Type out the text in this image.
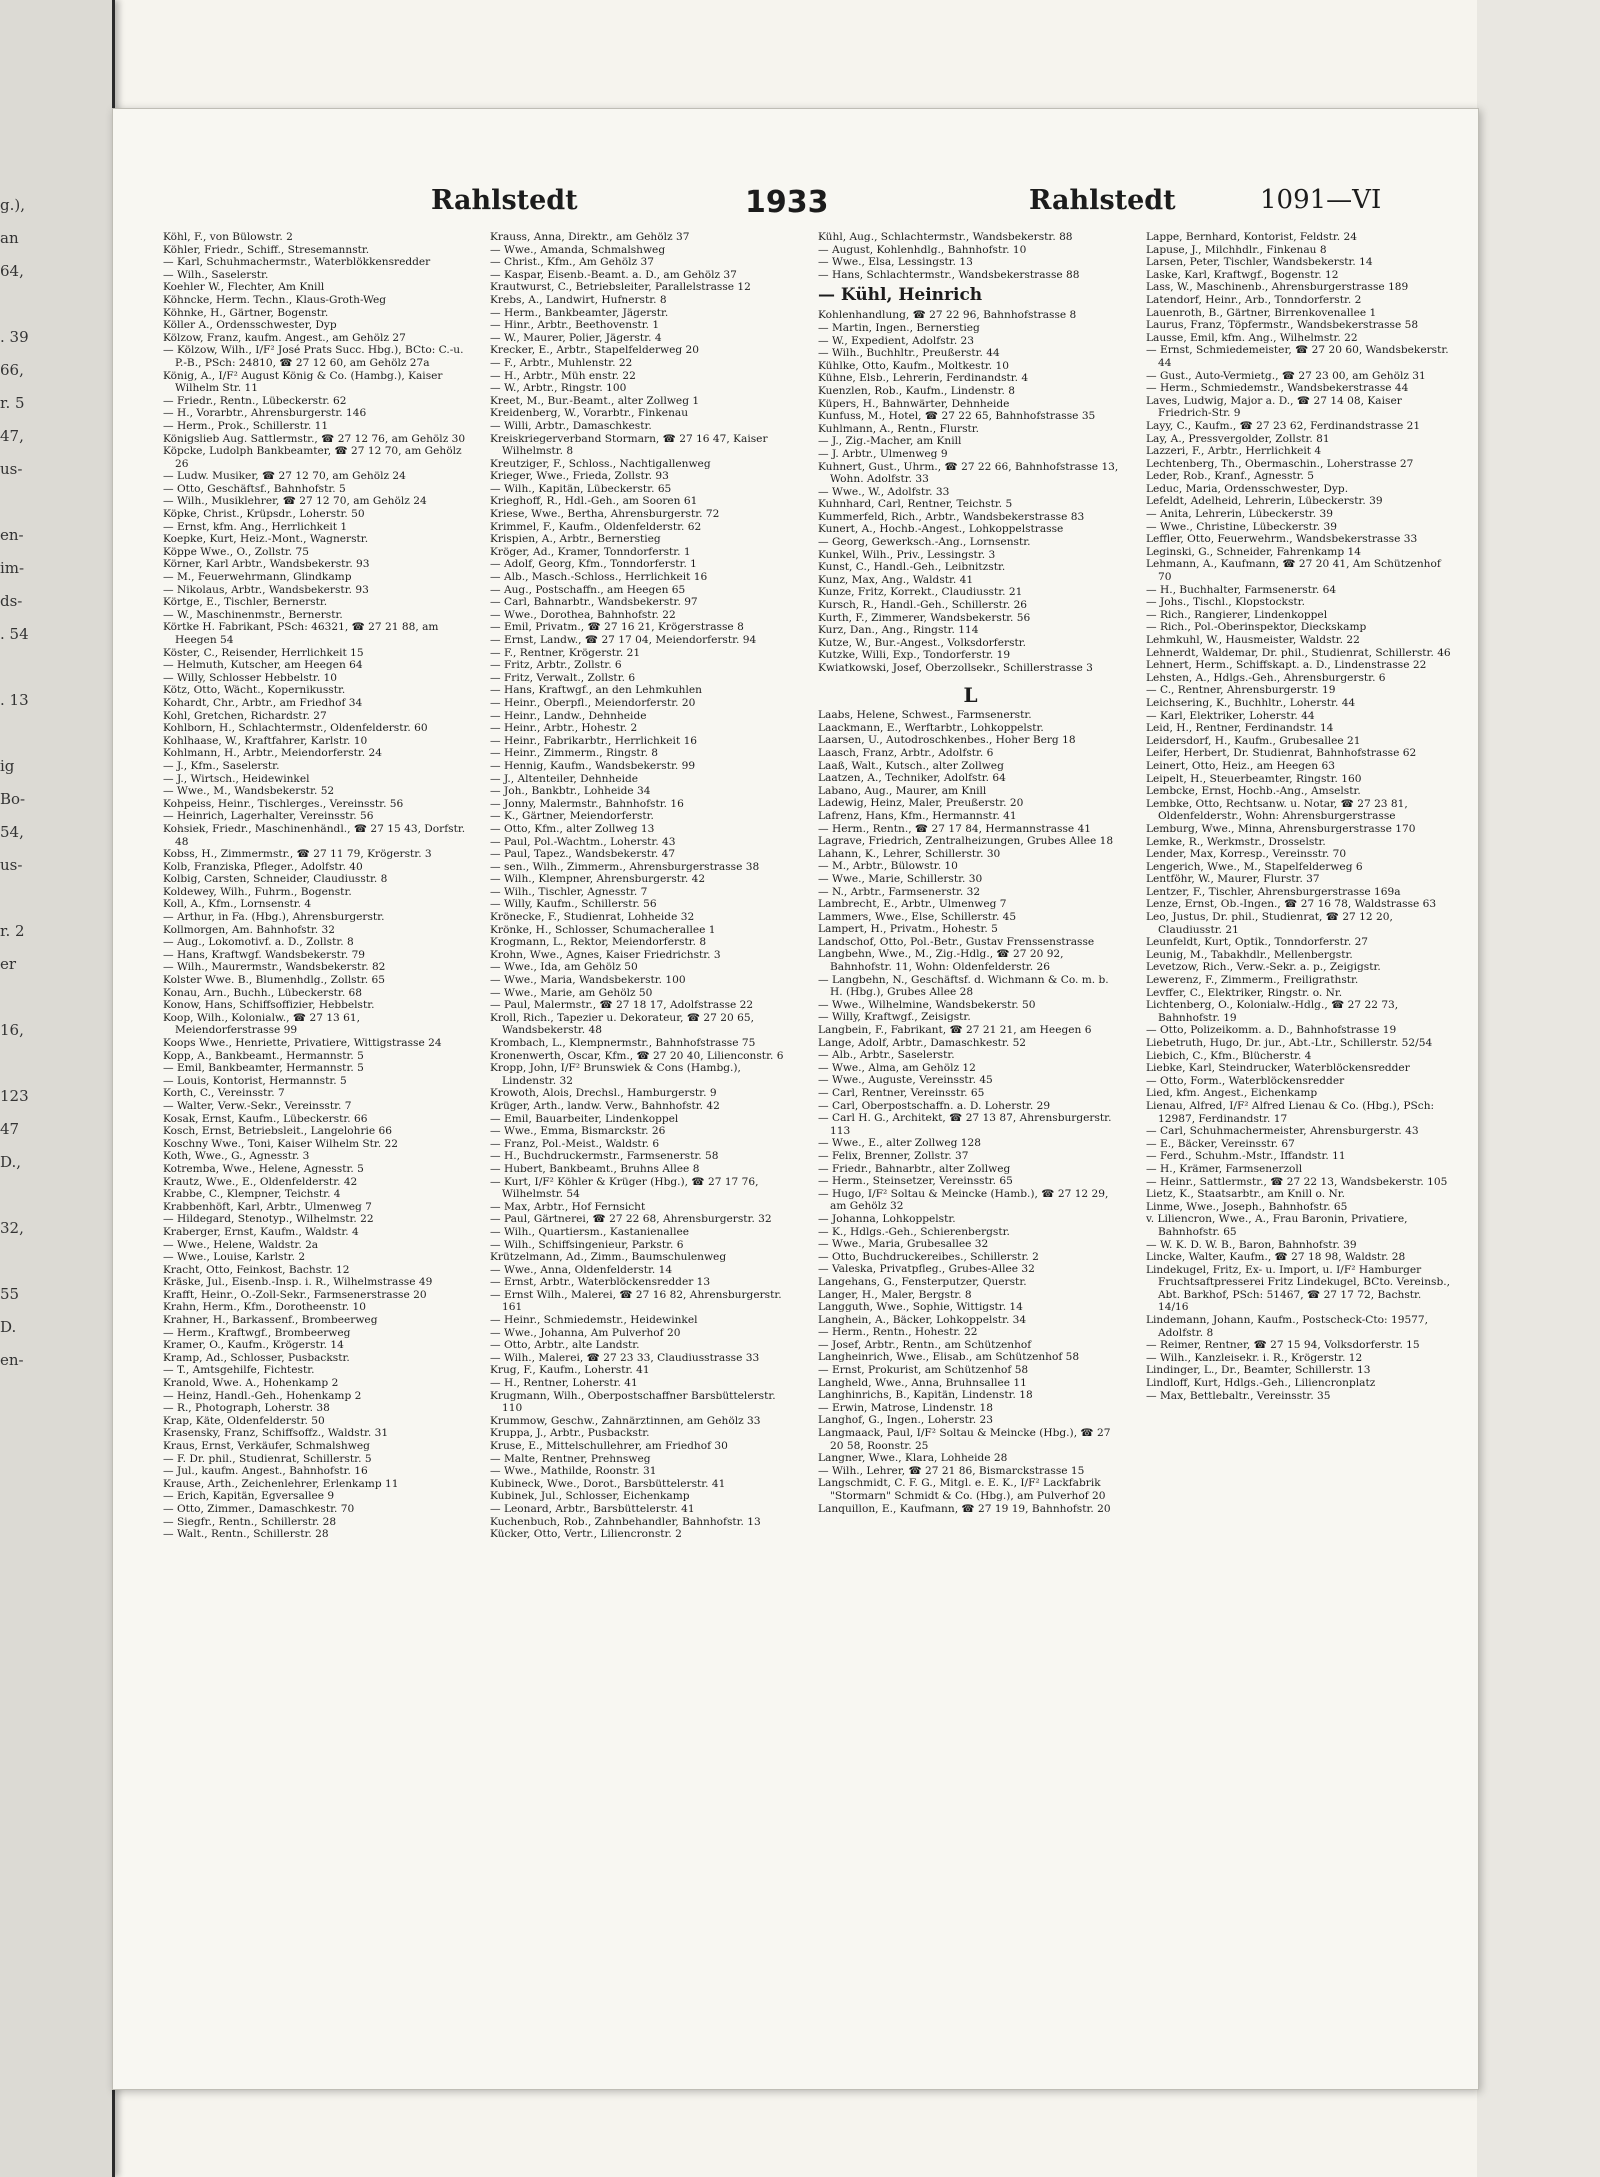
g.),
an
64,
. 39
66,
r. 5
47,
us-
en-
im-
ds-
. 54
. 13
ig
Bo-
54,
us-
r. 2
er
16,
123
47
D.,
32,
55
D.
en-
Rahlstedt	1933	Rahlstedt	1091—VI
Köhl, F., von Bülowstr. 2
Köhler, Friedr., Schiff., Stresemannstr.
— Karl, Schuhmachermstr., Waterblökkensredder
— Wilh., Saselerstr.
Koehler W., Flechter, Am Knill
Köhncke, Herm. Techn., Klaus-Groth-Weg
Köhnke, H., Gärtner, Bogenstr.
Köller A., Ordensschwester, Dyp
Kölzow, Franz, kaufm. Angest., am Gehölz 27
— Kölzow, Wilh., I/F² José Prats Succ. Hbg.), BCto: C.-u. P.-B., PSch: 24810, ☎ 27 12 60, am Gehölz 27a
König, A., I/F² August König & Co. (Hambg.), Kaiser Wilhelm Str. 11
— Friedr., Rentn., Lübeckerstr. 62
— H., Vorarbtr., Ahrensburgerstr. 146
— Herm., Prok., Schillerstr. 11
Königslieb Aug. Sattlermstr., ☎ 27 12 76, am Gehölz 30
Köpcke, Ludolph Bankbeamter, ☎ 27 12 70, am Gehölz 26
— Ludw. Musiker, ☎ 27 12 70, am Gehölz 24
— Otto, Geschäftsf., Bahnhofstr. 5
— Wilh., Musiklehrer, ☎ 27 12 70, am Gehölz 24
Köpke, Christ., Krüpsdr., Loherstr. 50
— Ernst, kfm. Ang., Herrlichkeit 1
Koepke, Kurt, Heiz.-Mont., Wagnerstr.
Köppe Wwe., O., Zollstr. 75
Körner, Karl Arbtr., Wandsbekerstr. 93
— M., Feuerwehrmann, Glindkamp
— Nikolaus, Arbtr., Wandsbekerstr. 93
Körtge, E., Tischler, Bernerstr.
— W., Maschinenmstr., Bernerstr.
Körtke H. Fabrikant, PSch: 46321, ☎ 27 21 88, am Heegen 54
Köster, C., Reisender, Herrlichkeit 15
— Helmuth, Kutscher, am Heegen 64
— Willy, Schlosser Hebbelstr. 10
Kötz, Otto, Wächt., Kopernikusstr.
Kohardt, Chr., Arbtr., am Friedhof 34
Kohl, Gretchen, Richardstr. 27
Kohlborn, H., Schlachtermstr., Oldenfelderstr. 60
Kohlhaase, W., Kraftfahrer, Karlstr. 10
Kohlmann, H., Arbtr., Meiendorferstr. 24
— J., Kfm., Saselerstr.
— J., Wirtsch., Heidewinkel
— Wwe., M., Wandsbekerstr. 52
Kohpeiss, Heinr., Tischlerges., Vereinsstr. 56
— Heinrich, Lagerhalter, Vereinsstr. 56
Kohsiek, Friedr., Maschinenhändl., ☎ 27 15 43, Dorfstr. 48
Kobss, H., Zimmermstr., ☎ 27 11 79, Krögerstr. 3
Kolb, Franziska, Pfleger., Adolfstr. 40
Kolbig, Carsten, Schneider, Claudiusstr. 8
Koldewey, Wilh., Fuhrm., Bogenstr.
Koll, A., Kfm., Lornsenstr. 4
— Arthur, in Fa. (Hbg.), Ahrensburgerstr.
Kollmorgen, Am. Bahnhofstr. 32
— Aug., Lokomotivf. a. D., Zollstr. 8
— Hans, Kraftwgf. Wandsbekerstr. 79
— Wilh., Maurermstr., Wandsbekerstr. 82
Kolster Wwe. B., Blumenhdlg., Zollstr. 65
Konau, Arn., Buchh., Lübeckerstr. 68
Konow, Hans, Schiffsoffizier, Hebbelstr.
Koop, Wilh., Kolonialw., ☎ 27 13 61, Meiendorferstrasse 99
Koops Wwe., Henriette, Privatiere, Wittigstrasse 24
Kopp, A., Bankbeamt., Hermannstr. 5
— Emil, Bankbeamter, Hermannstr. 5
— Louis, Kontorist, Hermannstr. 5
Korth, C., Vereinsstr. 7
— Walter, Verw.-Sekr., Vereinsstr. 7
Kosak, Ernst, Kaufm., Lübeckerstr. 66
Kosch, Ernst, Betriebsleit., Langelohrie 66
Koschny Wwe., Toni, Kaiser Wilhelm Str. 22
Koth, Wwe., G., Agnesstr. 3
Kotremba, Wwe., Helene, Agnesstr. 5
Krautz, Wwe., E., Oldenfelderstr. 42
Krabbe, C., Klempner, Teichstr. 4
Krabbenhöft, Karl, Arbtr., Ulmenweg 7
— Hildegard, Stenotyp., Wilhelmstr. 22
Kraberger, Ernst, Kaufm., Waldstr. 4
— Wwe., Helene, Waldstr. 2a
— Wwe., Louise, Karlstr. 2
Kracht, Otto, Feinkost, Bachstr. 12
Kräske, Jul., Eisenb.-Insp. i. R., Wilhelmstrasse 49
Krafft, Heinr., O.-Zoll-Sekr., Farmsenerstrasse 20
Krahn, Herm., Kfm., Dorotheenstr. 10
Krahner, H., Barkassenf., Brombeerweg
— Herm., Kraftwgf., Brombeerweg
Kramer, O., Kaufm., Krögerstr. 14
Kramp, Ad., Schlosser, Pusbackstr.
— T., Amtsgehilfe, Fichtestr.
Kranold, Wwe. A., Hohenkamp 2
— Heinz, Handl.-Geh., Hohenkamp 2
— R., Photograph, Loherstr. 38
Krap, Käte, Oldenfelderstr. 50
Krasensky, Franz, Schiffsoffz., Waldstr. 31
Kraus, Ernst, Verkäufer, Schmalshweg
— F. Dr. phil., Studienrat, Schillerstr. 5
— Jul., kaufm. Angest., Bahnhofstr. 16
Krause, Arth., Zeichenlehrer, Erlenkamp 11
— Erich, Kapitän, Egversallee 9
— Otto, Zimmer., Damaschkestr. 70
— Siegfr., Rentn., Schillerstr. 28
— Walt., Rentn., Schillerstr. 28
Krauss, Anna, Direktr., am Gehölz 37
— Wwe., Amanda, Schmalshweg
— Christ., Kfm., Am Gehölz 37
— Kaspar, Eisenb.-Beamt. a. D., am Gehölz 37
Krautwurst, C., Betriebsleiter, Parallelstrasse 12
Krebs, A., Landwirt, Hufnerstr. 8
— Herm., Bankbeamter, Jägerstr.
— Hinr., Arbtr., Beethovenstr. 1
— W., Maurer, Polier, Jägerstr. 4
Krecker, E., Arbtr., Stapelfelderweg 20
— F., Arbtr., Muhlenstr. 22
— H., Arbtr., Müh enstr. 22
— W., Arbtr., Ringstr. 100
Kreet, M., Bur.-Beamt., alter Zollweg 1
Kreidenberg, W., Vorarbtr., Finkenau
— Willi, Arbtr., Damaschkestr.
Kreiskriegerverband Stormarn, ☎ 27 16 47, Kaiser Wilhelmstr. 8
Kreutziger, F., Schloss., Nachtigallenweg
Krieger, Wwe., Frieda, Zollstr. 93
— Wilh., Kapitän, Lübeckerstr. 65
Krieghoff, R., Hdl.-Geh., am Sooren 61
Kriese, Wwe., Bertha, Ahrensburgerstr. 72
Krimmel, F., Kaufm., Oldenfelderstr. 62
Krispien, A., Arbtr., Bernerstieg
Kröger, Ad., Kramer, Tonndorferstr. 1
— Adolf, Georg, Kfm., Tonndorferstr. 1
— Alb., Masch.-Schloss., Herrlichkeit 16
— Aug., Postschaffn., am Heegen 65
— Carl, Bahnarbtr., Wandsbekerstr. 97
— Wwe., Dorothea, Bahnhofstr. 22
— Emil, Privatm., ☎ 27 16 21, Krögerstrasse 8
— Ernst, Landw., ☎ 27 17 04, Meiendorferstr. 94
— F., Rentner, Krögerstr. 21
— Fritz, Arbtr., Zollstr. 6
— Fritz, Verwalt., Zollstr. 6
— Hans, Kraftwgf., an den Lehmkuhlen
— Heinr., Oberpfl., Meiendorferstr. 20
— Heinr., Landw., Dehnheide
— Heinr., Arbtr., Hohestr. 2
— Heinr., Fabrikarbtr., Herrlichkeit 16
— Heinr., Zimmerm., Ringstr. 8
— Hennig, Kaufm., Wandsbekerstr. 99
— J., Altenteiler, Dehnheide
— Joh., Bankbtr., Lohheide 34
— Jonny, Malermstr., Bahnhofstr. 16
— K., Gärtner, Meiendorferstr.
— Otto, Kfm., alter Zollweg 13
— Paul, Pol.-Wachtm., Loherstr. 43
— Paul, Tapez., Wandsbekerstr. 47
— sen., Wilh., Zimmerm., Ahrensburgerstrasse 38
— Wilh., Klempner, Ahrensburgerstr. 42
— Wilh., Tischler, Agnesstr. 7
— Willy, Kaufm., Schillerstr. 56
Krönecke, F., Studienrat, Lohheide 32
Krönke, H., Schlosser, Schumacherallee 1
Krogmann, L., Rektor, Meiendorferstr. 8
Krohn, Wwe., Agnes, Kaiser Friedrichstr. 3
— Wwe., Ida, am Gehölz 50
— Wwe., Maria, Wandsbekerstr. 100
— Wwe., Marie, am Gehölz 50
— Paul, Malermstr., ☎ 27 18 17, Adolfstrasse 22
Kroll, Rich., Tapezier u. Dekorateur, ☎ 27 20 65, Wandsbekerstr. 48
Krombach, L., Klempnermstr., Bahnhofstrasse 75
Kronenwerth, Oscar, Kfm., ☎ 27 20 40, Lilienconstr. 6
Kropp, John, I/F² Brunswiek & Cons (Hambg.), Lindenstr. 32
Krowoth, Alois, Drechsl., Hamburgerstr. 9
Krüger, Arth., landw. Verw., Bahnhofstr. 42
— Emil, Bauarbeiter, Lindenkoppel
— Wwe., Emma, Bismarckstr. 26
— Franz, Pol.-Meist., Waldstr. 6
— H., Buchdruckermstr., Farmsenerstr. 58
— Hubert, Bankbeamt., Bruhns Allee 8
— Kurt, I/F² Köhler & Krüger (Hbg.), ☎ 27 17 76, Wilhelmstr. 54
— Max, Arbtr., Hof Fernsicht
— Paul, Gärtnerei, ☎ 27 22 68, Ahrensburgerstr. 32
— Wilh., Quartiersm., Kastanienallee
— Wilh., Schiffsingenieur, Parkstr. 6
Krützelmann, Ad., Zimm., Baumschulenweg
— Wwe., Anna, Oldenfelderstr. 14
— Ernst, Arbtr., Waterblöckensredder 13
— Ernst Wilh., Malerei, ☎ 27 16 82, Ahrensburgerstr. 161
— Heinr., Schmiedemstr., Heidewinkel
— Wwe., Johanna, Am Pulverhof 20
— Otto, Arbtr., alte Landstr.
— Wilh., Malerei, ☎ 27 23 33, Claudiusstrasse 33
Krug, F., Kaufm., Loherstr. 41
— H., Rentner, Loherstr. 41
Krugmann, Wilh., Oberpostschaffner Barsbüttelerstr. 110
Krummow, Geschw., Zahnärztinnen, am Gehölz 33
Kruppa, J., Arbtr., Pusbackstr.
Kruse, E., Mittelschullehrer, am Friedhof 30
— Malte, Rentner, Prehnsweg
— Wwe., Mathilde, Roonstr. 31
Kubineck, Wwe., Dorot., Barsbüttelerstr. 41
Kubinek, Jul., Schlosser, Eichenkamp
— Leonard, Arbtr., Barsbüttelerstr. 41
Kuchenbuch, Rob., Zahnbehandler, Bahnhofstr. 13
Kücker, Otto, Vertr., Liliencronstr. 2
Kühl, Aug., Schlachtermstr., Wandsbekerstr. 88
— August, Kohlenhdlg., Bahnhofstr. 10
— Wwe., Elsa, Lessingstr. 13
— Hans, Schlachtermstr., Wandsbekerstrasse 88
— Kühl, Heinrich
Kohlenhandlung, ☎ 27 22 96, Bahnhofstrasse 8
— Martin, Ingen., Bernerstieg
— W., Expedient, Adolfstr. 23
— Wilh., Buchhltr., Preußerstr. 44
Kühlke, Otto, Kaufm., Moltkestr. 10
Kühne, Elsb., Lehrerin, Ferdinandstr. 4
Kuenzlen, Rob., Kaufm., Lindenstr. 8
Küpers, H., Bahnwärter, Dehnheide
Kunfuss, M., Hotel, ☎ 27 22 65, Bahnhofstrasse 35
Kuhlmann, A., Rentn., Flurstr.
— J., Zig.-Macher, am Knill
— J. Arbtr., Ulmenweg 9
Kuhnert, Gust., Uhrm., ☎ 27 22 66, Bahnhofstrasse 13, Wohn. Adolfstr. 33
— Wwe., W., Adolfstr. 33
Kuhnhard, Carl, Rentner, Teichstr. 5
Kummerfeld, Rich., Arbtr., Wandsbekerstrasse 83
Kunert, A., Hochb.-Angest., Lohkoppelstrasse
— Georg, Gewerksch.-Ang., Lornsenstr.
Kunkel, Wilh., Priv., Lessingstr. 3
Kunst, C., Handl.-Geh., Leibnitzstr.
Kunz, Max, Ang., Waldstr. 41
Kunze, Fritz, Korrekt., Claudiusstr. 21
Kursch, R., Handl.-Geh., Schillerstr. 26
Kurth, F., Zimmerer, Wandsbekerstr. 56
Kurz, Dan., Ang., Ringstr. 114
Kutze, W., Bur.-Angest., Volksdorferstr.
Kutzke, Willi, Exp., Tondorferstr. 19
Kwiatkowski, Josef, Oberzollsekr., Schillerstrasse 3
L
Laabs, Helene, Schwest., Farmsenerstr.
Laackmann, E., Werftarbtr., Lohkoppelstr.
Laarsen, U., Autodroschkenbes., Hoher Berg 18
Laasch, Franz, Arbtr., Adolfstr. 6
Laaß, Walt., Kutsch., alter Zollweg
Laatzen, A., Techniker, Adolfstr. 64
Labano, Aug., Maurer, am Knill
Ladewig, Heinz, Maler, Preußerstr. 20
Lafrenz, Hans, Kfm., Hermannstr. 41
— Herm., Rentn., ☎ 27 17 84, Hermannstrasse 41
Lagrave, Friedrich, Zentralheizungen, Grubes Allee 18
Lahann, K., Lehrer, Schillerstr. 30
— M., Arbtr., Bülowstr. 10
— Wwe., Marie, Schillerstr. 30
— N., Arbtr., Farmsenerstr. 32
Lambrecht, E., Arbtr., Ulmenweg 7
Lammers, Wwe., Else, Schillerstr. 45
Lampert, H., Privatm., Hohestr. 5
Landschof, Otto, Pol.-Betr., Gustav Frenssenstrasse
Langbehn, Wwe., M., Zig.-Hdlg., ☎ 27 20 92, Bahnhofstr. 11, Wohn: Oldenfelderstr. 26
— Langbehn, N., Geschäftsf. d. Wichmann & Co. m. b. H. (Hbg.), Grubes Allee 28
— Wwe., Wilhelmine, Wandsbekerstr. 50
— Willy, Kraftwgf., Zeisigstr.
Langbein, F., Fabrikant, ☎ 27 21 21, am Heegen 6
Lange, Adolf, Arbtr., Damaschkestr. 52
— Alb., Arbtr., Saselerstr.
— Wwe., Alma, am Gehölz 12
— Wwe., Auguste, Vereinsstr. 45
— Carl, Rentner, Vereinsstr. 65
— Carl, Oberpostschaffn. a. D. Loherstr. 29
— Carl H. G., Architekt, ☎ 27 13 87, Ahrensburgerstr. 113
— Wwe., E., alter Zollweg 128
— Felix, Brenner, Zollstr. 37
— Friedr., Bahnarbtr., alter Zollweg
— Herm., Steinsetzer, Vereinsstr. 65
— Hugo, I/F² Soltau & Meincke (Hamb.), ☎ 27 12 29, am Gehölz 32
— Johanna, Lohkoppelstr.
— K., Hdlgs.-Geh., Schierenbergstr.
— Wwe., Maria, Grubesallee 32
— Otto, Buchdruckereibes., Schillerstr. 2
— Valeska, Privatpfleg., Grubes-Allee 32
Langehans, G., Fensterputzer, Querstr.
Langer, H., Maler, Bergstr. 8
Langguth, Wwe., Sophie, Wittigstr. 14
Langhein, A., Bäcker, Lohkoppelstr. 34
— Herm., Rentn., Hohestr. 22
— Josef, Arbtr., Rentn., am Schützenhof
Langheinrich, Wwe., Elisab., am Schützenhof 58
— Ernst, Prokurist, am Schützenhof 58
Langheld, Wwe., Anna, Bruhnsallee 11
Langhinrichs, B., Kapitän, Lindenstr. 18
— Erwin, Matrose, Lindenstr. 18
Langhof, G., Ingen., Loherstr. 23
Langmaack, Paul, I/F² Soltau & Meincke (Hbg.), ☎ 27 20 58, Roonstr. 25
Langner, Wwe., Klara, Lohheide 28
— Wilh., Lehrer, ☎ 27 21 86, Bismarckstrasse 15
Langschmidt, C. F. G., Mitgl. e. E. K., I/F² Lackfabrik "Stormarn" Schmidt & Co. (Hbg.), am Pulverhof 20
Lanquillon, E., Kaufmann, ☎ 27 19 19, Bahnhofstr. 20
Lappe, Bernhard, Kontorist, Feldstr. 24
Lapuse, J., Milchhdlr., Finkenau 8
Larsen, Peter, Tischler, Wandsbekerstr. 14
Laske, Karl, Kraftwgf., Bogenstr. 12
Lass, W., Maschinenb., Ahrensburgerstrasse 189
Latendorf, Heinr., Arb., Tonndorferstr. 2
Lauenroth, B., Gärtner, Birrenkovenallee 1
Laurus, Franz, Töpfermstr., Wandsbekerstrasse 58
Lausse, Emil, kfm. Ang., Wilhelmstr. 22
— Ernst, Schmiedemeister, ☎ 27 20 60, Wandsbekerstr. 44
— Gust., Auto-Vermietg., ☎ 27 23 00, am Gehölz 31
— Herm., Schmiedemstr., Wandsbekerstrasse 44
Laves, Ludwig, Major a. D., ☎ 27 14 08, Kaiser Friedrich-Str. 9
Layy, C., Kaufm., ☎ 27 23 62, Ferdinandstrasse 21
Lay, A., Pressvergolder, Zollstr. 81
Lazzeri, F., Arbtr., Herrlichkeit 4
Lechtenberg, Th., Obermaschin., Loherstrasse 27
Leder, Rob., Kranf., Agnesstr. 5
Leduc, Maria, Ordensschwester, Dyp.
Lefeldt, Adelheid, Lehrerin, Lübeckerstr. 39
— Anita, Lehrerin, Lübeckerstr. 39
— Wwe., Christine, Lübeckerstr. 39
Leffler, Otto, Feuerwehrm., Wandsbekerstrasse 33
Leginski, G., Schneider, Fahrenkamp 14
Lehmann, A., Kaufmann, ☎ 27 20 41, Am Schützenhof 70
— H., Buchhalter, Farmsenerstr. 64
— Johs., Tischl., Klopstockstr.
— Rich., Rangierer, Lindenkoppel
— Rich., Pol.-Oberinspektor, Dieckskamp
Lehmkuhl, W., Hausmeister, Waldstr. 22
Lehnerdt, Waldemar, Dr. phil., Studienrat, Schillerstr. 46
Lehnert, Herm., Schiffskapt. a. D., Lindenstrasse 22
Lehsten, A., Hdlgs.-Geh., Ahrensburgerstr. 6
— C., Rentner, Ahrensburgerstr. 19
Leichsering, K., Buchhltr., Loherstr. 44
— Karl, Elektriker, Loherstr. 44
Leid, H., Rentner, Ferdinandstr. 14
Leidersdorf, H., Kaufm., Grubesallee 21
Leifer, Herbert, Dr. Studienrat, Bahnhofstrasse 62
Leinert, Otto, Heiz., am Heegen 63
Leipelt, H., Steuerbeamter, Ringstr. 160
Lembcke, Ernst, Hochb.-Ang., Amselstr.
Lembke, Otto, Rechtsanw. u. Notar, ☎ 27 23 81, Oldenfelderstr., Wohn: Ahrensburgerstrasse
Lemburg, Wwe., Minna, Ahrensburgerstrasse 170
Lemke, R., Werkmstr., Drosselstr.
Lender, Max, Korresp., Vereinsstr. 70
Lengerich, Wwe., M., Stapelfelderweg 6
Lentföhr, W., Maurer, Flurstr. 37
Lentzer, F., Tischler, Ahrensburgerstrasse 169a
Lenze, Ernst, Ob.-Ingen., ☎ 27 16 78, Waldstrasse 63
Leo, Justus, Dr. phil., Studienrat, ☎ 27 12 20, Claudiusstr. 21
Leunfeldt, Kurt, Optik., Tonndorferstr. 27
Leunig, M., Tabakhdlr., Mellenbergstr.
Levetzow, Rich., Verw.-Sekr. a. p., Zeigigstr.
Lewerenz, F., Zimmerm., Freiligrathstr.
Levffer, C., Elektriker, Ringstr. o. Nr.
Lichtenberg, O., Kolonialw.-Hdlg., ☎ 27 22 73, Bahnhofstr. 19
— Otto, Polizeikomm. a. D., Bahnhofstrasse 19
Liebetruth, Hugo, Dr. jur., Abt.-Ltr., Schillerstr. 52/54
Liebich, C., Kfm., Blücherstr. 4
Liebke, Karl, Steindrucker, Waterblöckensredder
— Otto, Form., Waterblöckensredder
Lied, kfm. Angest., Eichenkamp
Lienau, Alfred, I/F² Alfred Lienau & Co. (Hbg.), PSch: 12987, Ferdinandstr. 17
— Carl, Schuhmachermeister, Ahrensburgerstr. 43
— E., Bäcker, Vereinsstr. 67
— Ferd., Schuhm.-Mstr., Iffandstr. 11
— H., Krämer, Farmsenerzoll
— Heinr., Sattlermstr., ☎ 27 22 13, Wandsbekerstr. 105
Lietz, K., Staatsarbtr., am Knill o. Nr.
Linme, Wwe., Joseph., Bahnhofstr. 65
v. Liliencron, Wwe., A., Frau Baronin, Privatiere, Bahnhofstr. 65
— W. K. D. W. B., Baron, Bahnhofstr. 39
Lincke, Walter, Kaufm., ☎ 27 18 98, Waldstr. 28
Lindekugel, Fritz, Ex- u. Import, u. I/F² Hamburger Fruchtsaftpresserei Fritz Lindekugel, BCto. Vereinsb., Abt. Barkhof, PSch: 51467, ☎ 27 17 72, Bachstr. 14/16
Lindemann, Johann, Kaufm., Postscheck-Cto: 19577, Adolfstr. 8
— Reimer, Rentner, ☎ 27 15 94, Volksdorferstr. 15
— Wilh., Kanzleisekr. i. R., Krögerstr. 12
Lindinger, L., Dr., Beamter, Schillerstr. 13
Lindloff, Kurt, Hdlgs.-Geh., Liliencronplatz
— Max, Bettlebaltr., Vereinsstr. 35
